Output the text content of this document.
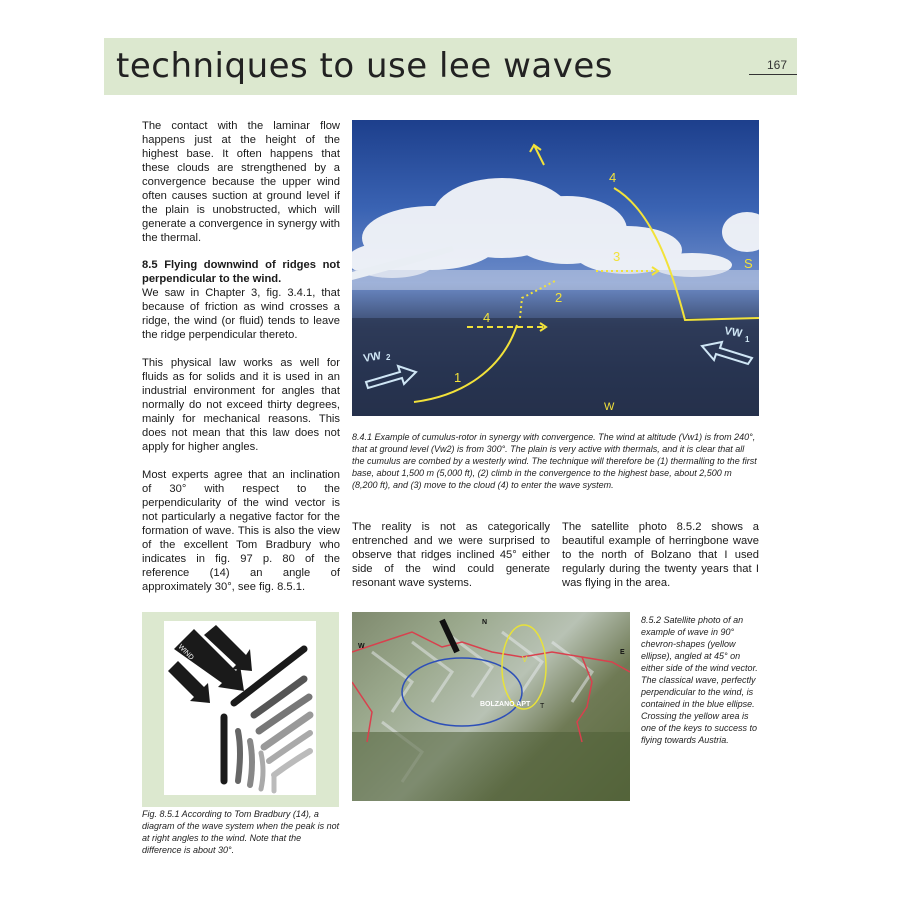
techniques to use lee waves	167

The contact with the laminar flow happens just at the height of the highest base. It often happens that these clouds are strengthened by a convergence because the upper wind often causes suction at ground level if the plain is unobstructed, which will generate a convergence in synergy with the thermal.

8.5 Flying downwind of ridges not perpendicular to the wind.

We saw in Chapter 3, fig. 3.4.1, that because of friction as wind crosses a ridge, the wind (or fluid) tends to leave the ridge perpendicular thereto.

This physical law works as well for fluids as for solids and it is used in an industrial environment for angles that normally do not exceed thirty degrees, mainly for mechanical reasons. This does not mean that this law does not apply for higher angles.

Most experts agree that an inclination of 30° with respect to the perpendicularity of the wind vector is not particularly a negative factor for the formation of wave. This is also the view of the excellent Tom Bradbury who indicates in fig. 97 p. 80 of the reference (14) an angle of approximately 30°, see fig. 8.5.1.

1
2
3
4
4
S
W
VW 2
VW 1

8.4.1 Example of cumulus-rotor in synergy with convergence. The wind at altitude (Vw1) is from 240°, that at ground level (Vw2) is from 300°. The plain is very active with thermals, and it is clear that all the cumulus are combed by a westerly wind. The technique will therefore be (1) thermalling to the first base, about 1,500 m (5,000 ft), (2) climb in the convergence to the highest base, about 2,500 m (8,200 ft), and (3) move to the cloud (4) to enter the wave system.

The reality is not as categorically entrenched and we were surprised to observe that ridges inclined 45° either side of the wind could generate resonant wave systems.

The satellite photo 8.5.2 shows a beautiful example of herringbone wave to the north of Bolzano that I used regularly during the twenty years that I was flying in the area.

WIND

Fig. 8.5.1 According to Tom Bradbury (14), a diagram of the wave system when the peak is not at right angles to the wind. Note that the difference is about 30°.

N
E
W
BOLZANO APT
V
T

8.5.2 Satellite photo of an example of wave in 90° chevron-shapes (yellow ellipse), angled at 45° on either side of the wind vector. The classical wave, perfectly perpendicular to the wind, is contained in the blue ellipse. Crossing the yellow area is one of the keys to success to flying towards Austria.
